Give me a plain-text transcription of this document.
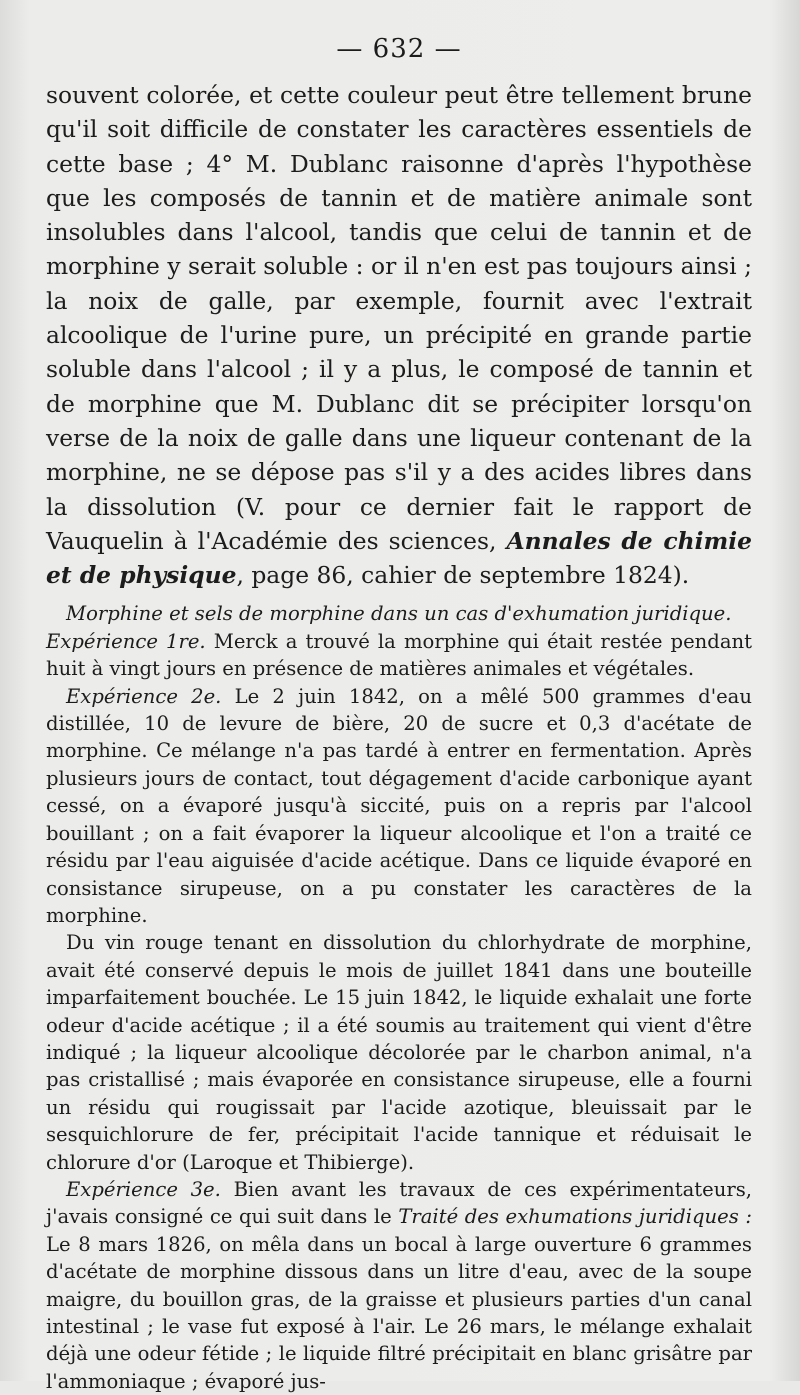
— 632 —

souvent colorée, et cette couleur peut être tellement brune qu'il soit difficile de constater les caractères essentiels de cette base ; 4° M. Dublanc raisonne d'après l'hypothèse que les composés de tannin et de matière animale sont insolubles dans l'alcool, tandis que celui de tannin et de morphine y serait soluble : or il n'en est pas toujours ainsi ; la noix de galle, par exemple, fournit avec l'extrait alcoolique de l'urine pure, un précipité en grande partie soluble dans l'alcool ; il y a plus, le composé de tannin et de morphine que M. Dublanc dit se précipiter lorsqu'on verse de la noix de galle dans une liqueur contenant de la morphine, ne se dépose pas s'il y a des acides libres dans la dissolution (V. pour ce dernier fait le rapport de Vauquelin à l'Académie des sciences, Annales de chimie et de physique, page 86, cahier de septembre 1824).

Morphine et sels de morphine dans un cas d'exhumation juridique.

Expérience 1re. Merck a trouvé la morphine qui était restée pendant huit à vingt jours en présence de matières animales et végétales.

Expérience 2e. Le 2 juin 1842, on a mêlé 500 grammes d'eau distillée, 10 de levure de bière, 20 de sucre et 0,3 d'acétate de morphine. Ce mélange n'a pas tardé à entrer en fermentation. Après plusieurs jours de contact, tout dégagement d'acide carbonique ayant cessé, on a évaporé jusqu'à siccité, puis on a repris par l'alcool bouillant ; on a fait évaporer la liqueur alcoolique et l'on a traité ce résidu par l'eau aiguisée d'acide acétique. Dans ce liquide évaporé en consistance sirupeuse, on a pu constater les caractères de la morphine.

Du vin rouge tenant en dissolution du chlorhydrate de morphine, avait été conservé depuis le mois de juillet 1841 dans une bouteille imparfaitement bouchée. Le 15 juin 1842, le liquide exhalait une forte odeur d'acide acétique ; il a été soumis au traitement qui vient d'être indiqué ; la liqueur alcoolique décolorée par le charbon animal, n'a pas cristallisé ; mais évaporée en consistance sirupeuse, elle a fourni un résidu qui rougissait par l'acide azotique, bleuissait par le sesquichlorure de fer, précipitait l'acide tannique et réduisait le chlorure d'or (Laroque et Thibierge).

Expérience 3e. Bien avant les travaux de ces expérimentateurs, j'avais consigné ce qui suit dans le Traité des exhumations juridiques : Le 8 mars 1826, on mêla dans un bocal à large ouverture 6 grammes d'acétate de morphine dissous dans un litre d'eau, avec de la soupe maigre, du bouillon gras, de la graisse et plusieurs parties d'un canal intestinal ; le vase fut exposé à l'air. Le 26 mars, le mélange exhalait déjà une odeur fétide ; le liquide filtré précipitait en blanc grisâtre par l'ammoniaque ; évaporé jus-
